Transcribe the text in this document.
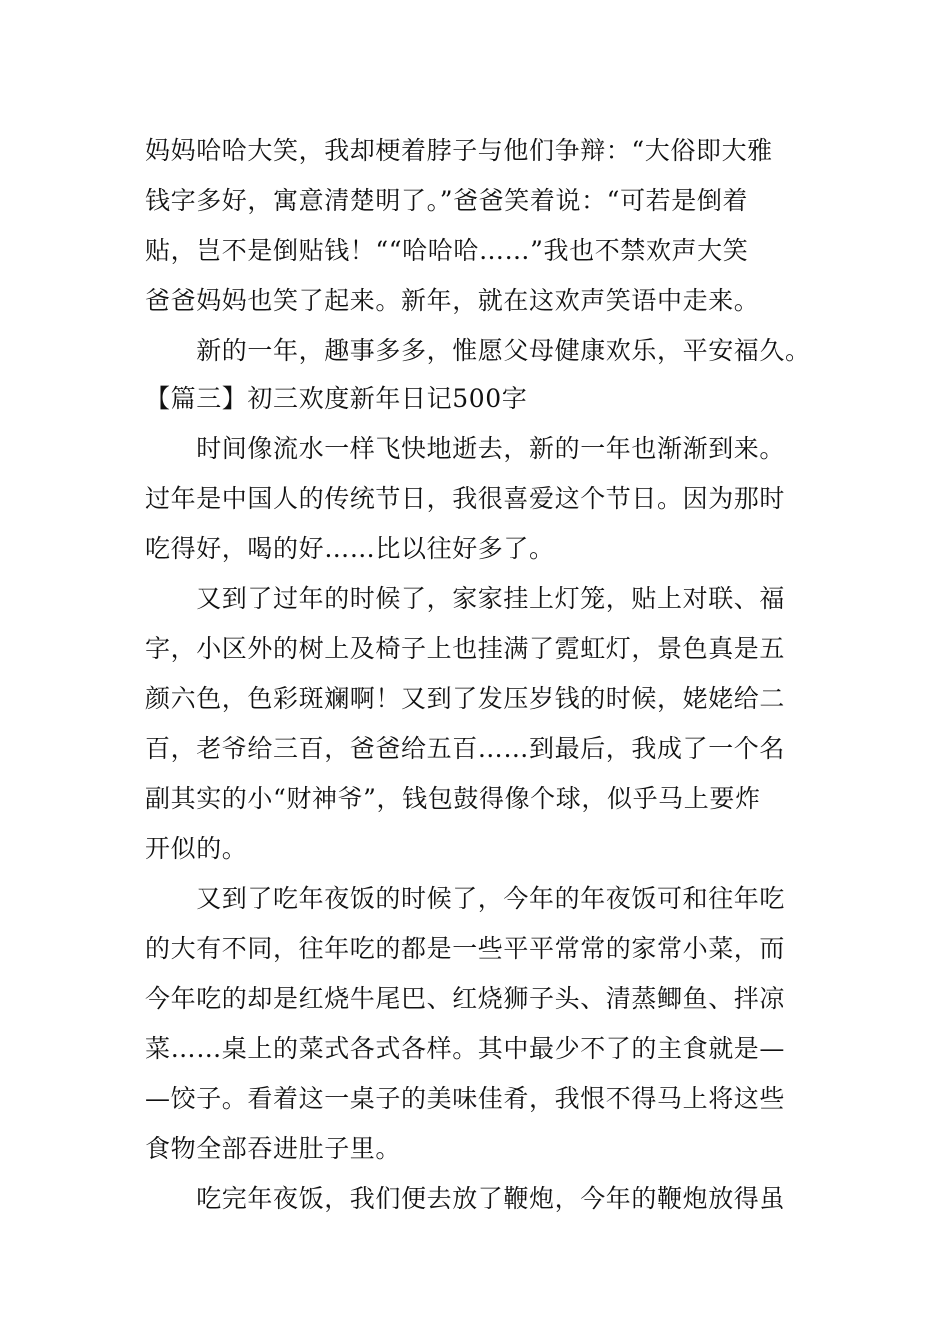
妈妈哈哈大笑，我却梗着脖子与他们争辩：“大俗即大雅
钱字多好，寓意清楚明了。”爸爸笑着说：“可若是倒着
贴，岂不是倒贴钱！““哈哈哈……”我也不禁欢声大笑
爸爸妈妈也笑了起来。新年，就在这欢声笑语中走来。
　　新的一年，趣事多多，惟愿父母健康欢乐，平安福久。
【篇三】初三欢度新年日记500字
　　时间像流水一样飞快地逝去，新的一年也渐渐到来。
过年是中国人的传统节日，我很喜爱这个节日。因为那时
吃得好，喝的好……比以往好多了。
　　又到了过年的时候了，家家挂上灯笼，贴上对联、福
字，小区外的树上及椅子上也挂满了霓虹灯，景色真是五
颜六色，色彩斑斓啊！又到了发压岁钱的时候，姥姥给二
百，老爷给三百，爸爸给五百……到最后，我成了一个名
副其实的小“财神爷”，钱包鼓得像个球，似乎马上要炸
开似的。
　　又到了吃年夜饭的时候了，今年的年夜饭可和往年吃
的大有不同，往年吃的都是一些平平常常的家常小菜，而
今年吃的却是红烧牛尾巴、红烧狮子头、清蒸鲫鱼、拌凉
菜……桌上的菜式各式各样。其中最少不了的主食就是—
—饺子。看着这一桌子的美味佳肴，我恨不得马上将这些
食物全部吞进肚子里。
　　吃完年夜饭，我们便去放了鞭炮，今年的鞭炮放得虽
